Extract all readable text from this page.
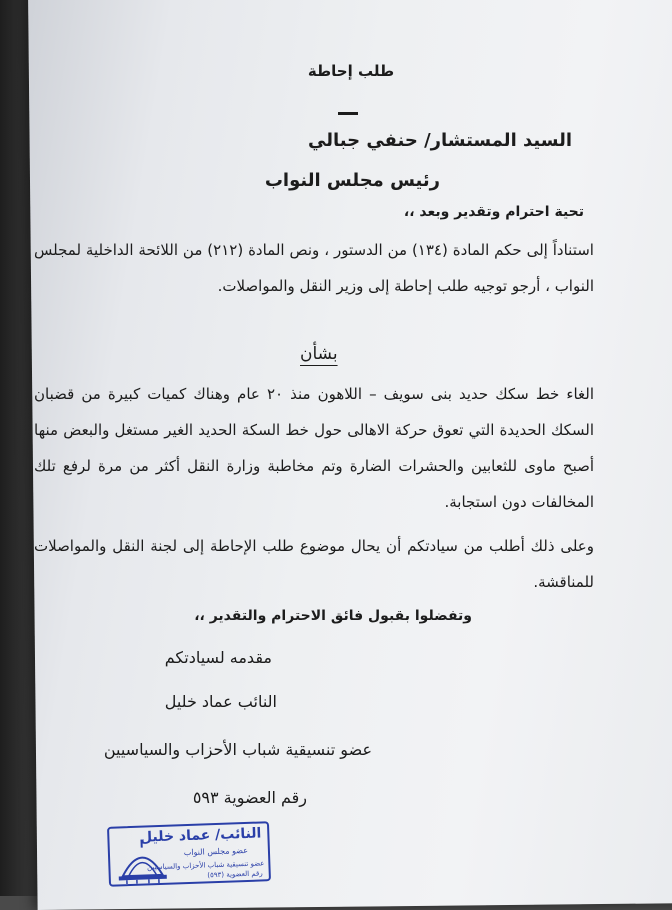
طلب إحاطة
السيد المستشار/ حنفي جبالي
رئيس مجلس النواب
تحية احترام وتقدير وبعد ،،
استناداً إلى حكم المادة (١٣٤) من الدستور ، ونص المادة (٢١٢) من اللائحة الداخلية لمجلس النواب ، أرجو توجيه طلب إحاطة إلى وزير النقل والمواصلات.
بشأن
الغاء خط سكك حديد بنى سويف – اللاهون منذ ٢٠ عام وهناك كميات كبيرة من قضبان السكك الحديدة التي تعوق حركة الاهالى حول خط السكة الحديد الغير مستغل والبعض منها أصبح ماوى للثعابين والحشرات الضارة وتم مخاطبة وزارة النقل أكثر من مرة لرفع تلك المخالفات دون استجابة.
وعلى ذلك أطلب من سيادتكم أن يحال موضوع طلب الإحاطة إلى لجنة النقل والمواصلات للمناقشة.
وتفضلوا بقبول فائق الاحترام والتقدير ،،
مقدمه لسيادتكم
النائب عماد خليل
عضو تنسيقية شباب الأحزاب والسياسيين
رقم العضوية ٥٩٣
النائب/ عماد خليل
عضو مجلس النواب
عضو تنسيقية شباب الأحزاب والسياسيين
رقم العضوية (٥٩٣)
